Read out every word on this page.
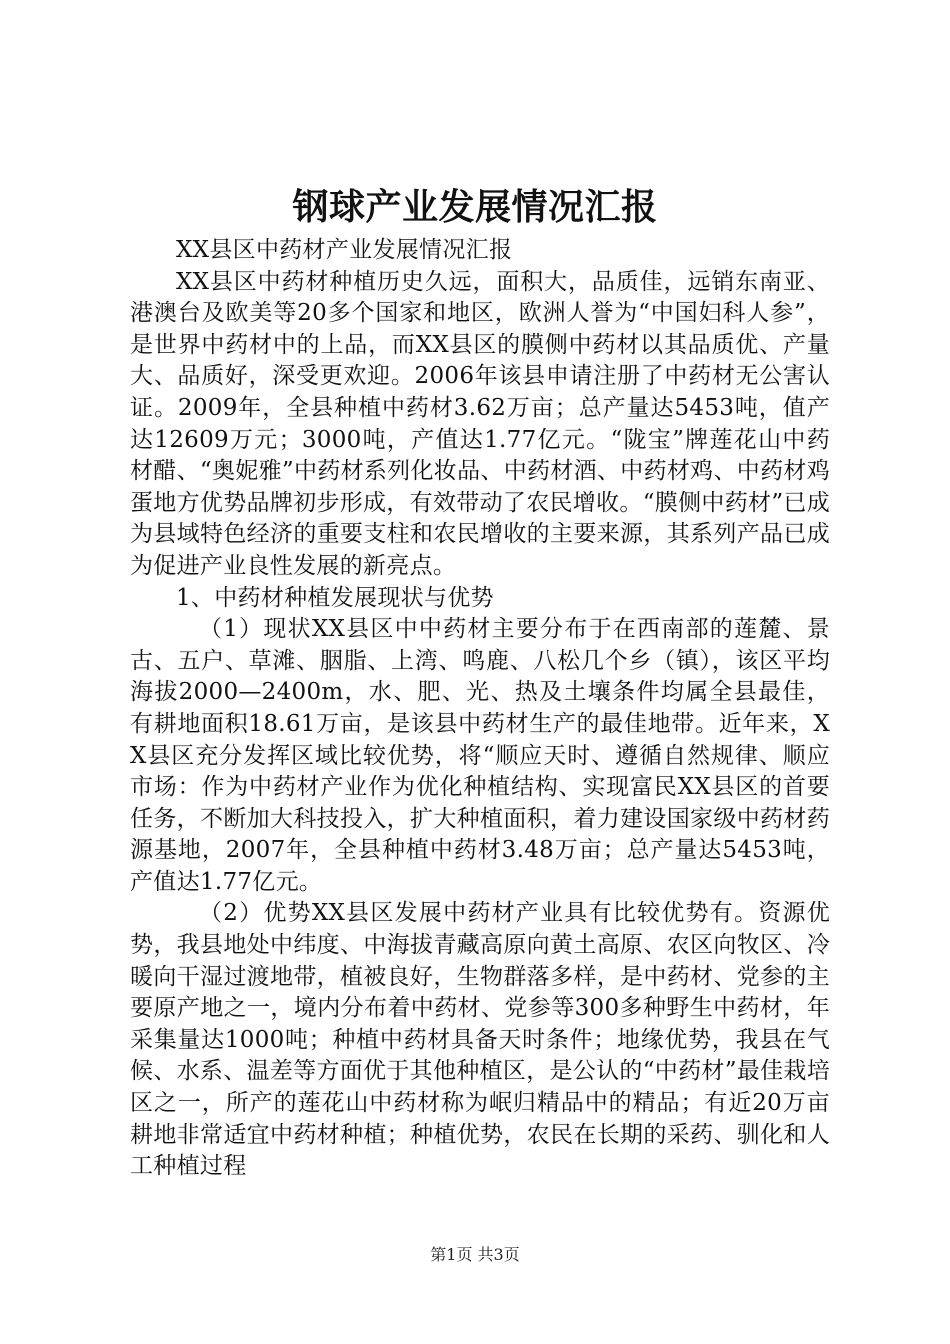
钢球产业发展情况汇报

XX县区中药材产业发展情况汇报

XX县区中药材种植历史久远，面积大，品质佳，远销东南亚、港澳台及欧美等20多个国家和地区，欧洲人誉为“中国妇科人参”，是世界中药材中的上品，而XX县区的膜侧中药材以其品质优、产量大、品质好，深受更欢迎。2006年该县申请注册了中药材无公害认证。2009年，全县种植中药材3.62万亩；总产量达5453吨，值产达12609万元；3000吨，产值达1.77亿元。“陇宝”牌莲花山中药材醋、“奥妮雅”中药材系列化妆品、中药材酒、中药材鸡、中药材鸡蛋地方优势品牌初步形成，有效带动了农民增收。“膜侧中药材”已成为县域特色经济的重要支柱和农民增收的主要来源，其系列产品已成为促进产业良性发展的新亮点。

1、中药材种植发展现状与优势

（1）现状XX县区中中药材主要分布于在西南部的莲麓、景古、五户、草滩、胭脂、上湾、鸣鹿、八松几个乡（镇），该区平均海拔2000—2400m，水、肥、光、热及土壤条件均属全县最佳，有耕地面积18.61万亩，是该县中药材生产的最佳地带。近年来，XX县区充分发挥区域比较优势，将“顺应天时、遵循自然规律、顺应市场：作为中药材产业作为优化种植结构、实现富民XX县区的首要任务，不断加大科技投入，扩大种植面积，着力建设国家级中药材药源基地，2007年，全县种植中药材3.48万亩；总产量达5453吨，产值达1.77亿元。

（2）优势XX县区发展中药材产业具有比较优势有。资源优势，我县地处中纬度、中海拔青藏高原向黄土高原、农区向牧区、冷暖向干湿过渡地带，植被良好，生物群落多样，是中药材、党参的主要原产地之一，境内分布着中药材、党参等300多种野生中药材，年采集量达1000吨；种植中药材具备天时条件；地缘优势，我县在气候、水系、温差等方面优于其他种植区，是公认的“中药材”最佳栽培区之一，所产的莲花山中药材称为岷归精品中的精品；有近20万亩耕地非常适宜中药材种植；种植优势，农民在长期的采药、驯化和人工种植过程

第1页 共3页
